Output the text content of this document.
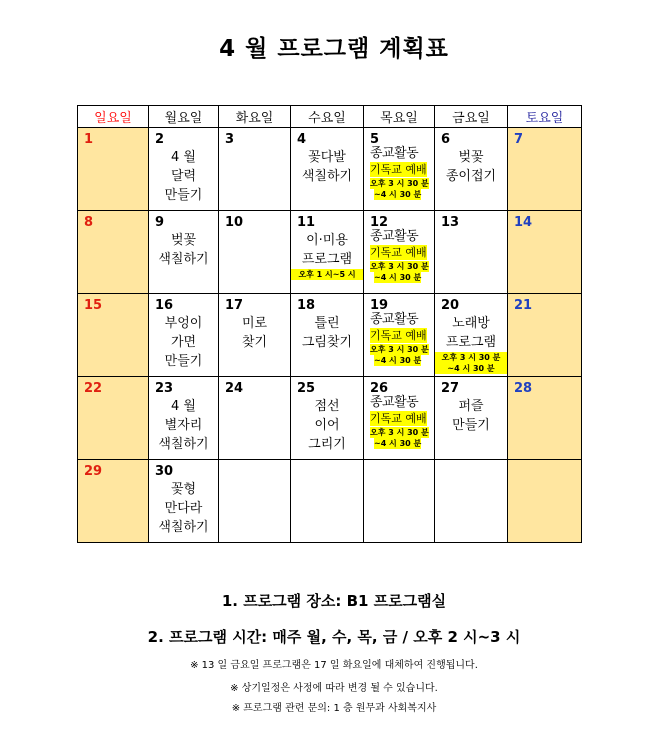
4 월 프로그램 계획표
일요일	월요일	화요일	수요일	목요일	금요일	토요일

1	2
4 월
달력
만들기	3	4
꽃다발
색칠하기	5
종교활동
기독교 예배
오후 3 시 30 분
~4 시 30 분	6
벚꽃
종이접기	7

8	9
벚꽃
색칠하기	10	11
이·미용
프로그램
오후 1 시~5 시	12
종교활동
기독교 예배
오후 3 시 30 분
~4 시 30 분	13	14

15	16
부엉이
가면
만들기	17
미로
찾기	18
틀린
그림찾기	19
종교활동
기독교 예배
오후 3 시 30 분
~4 시 30 분	20
노래방
프로그램
오후 3 시 30 분
~4 시 30 분	21

22	23
4 월
별자리
색칠하기	24	25
점선
이어
그리기	26
종교활동
기독교 예배
오후 3 시 30 분
~4 시 30 분	27
퍼즐
만들기	28

29	30
꽃형
만다라
색칠하기					

1. 프로그램 장소: B1 프로그램실
2. 프로그램 시간: 매주 월, 수, 목, 금 / 오후 2 시~3 시
※ 13 일 금요일 프로그램은 17 일 화요일에 대체하여 진행됩니다.
※ 상기일정은 사정에 따라 변경 될 수 있습니다.
※ 프로그램 관련 문의: 1 층 원무과 사회복지사
